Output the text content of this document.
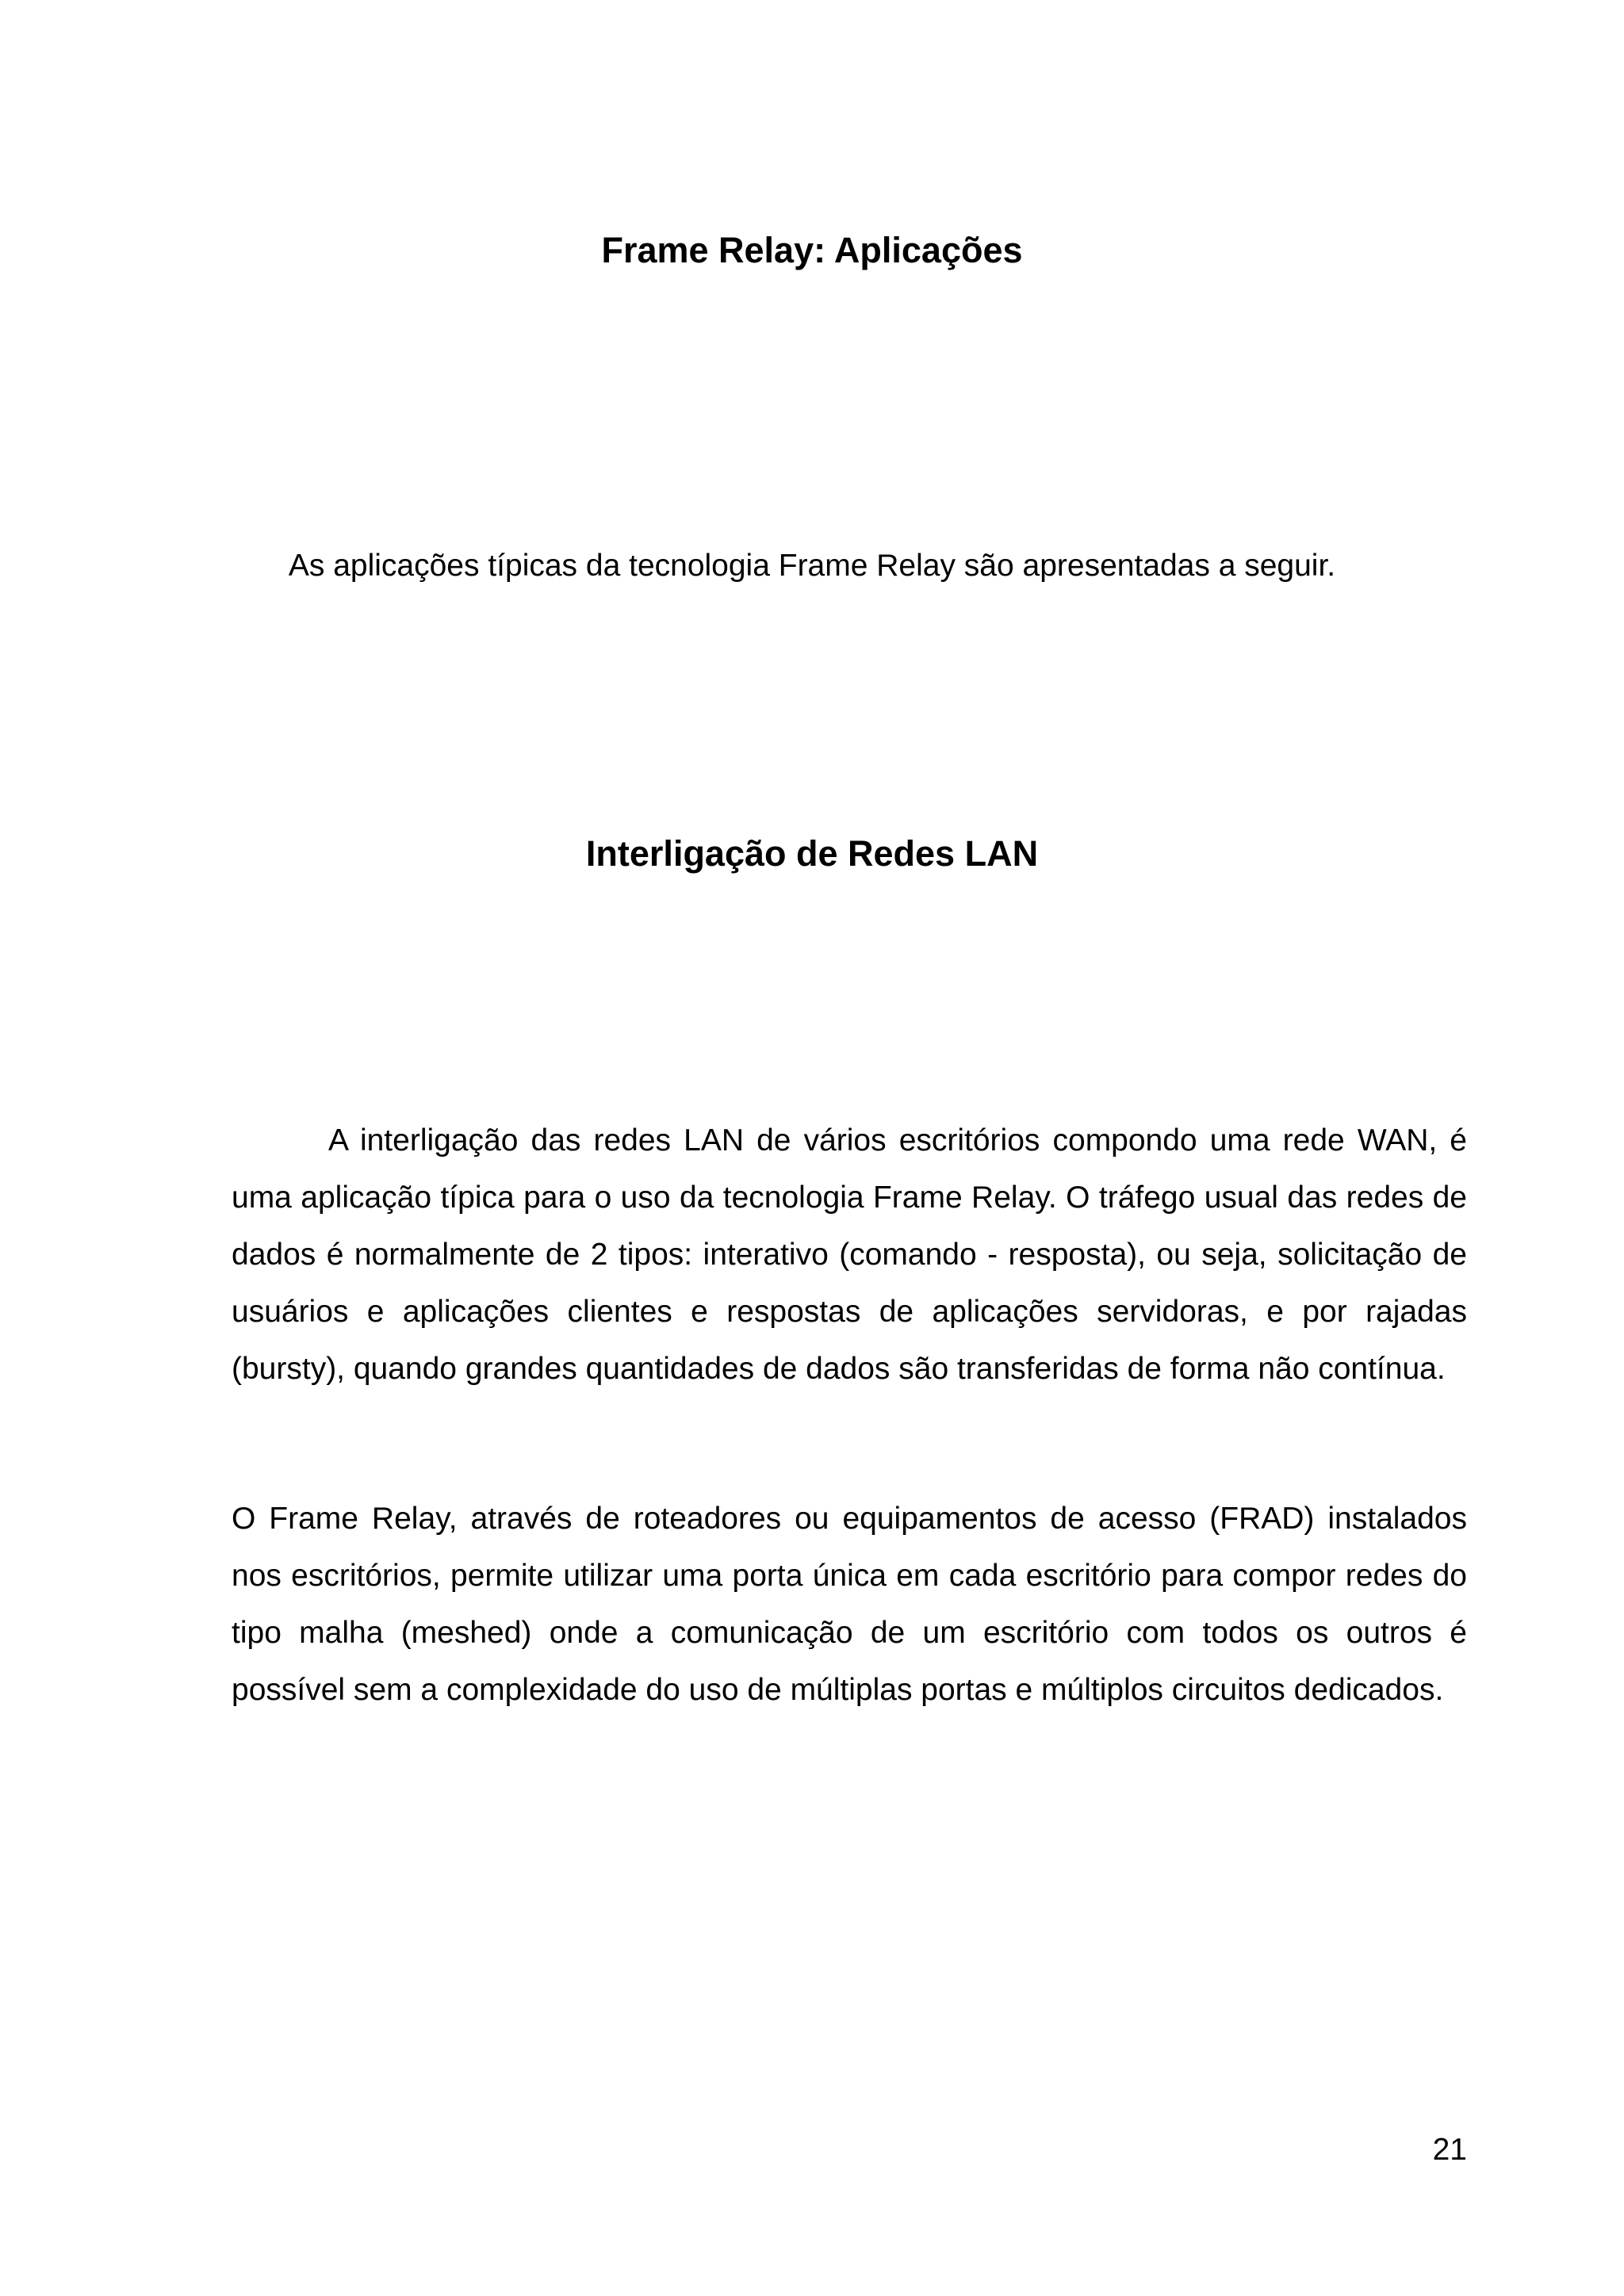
Frame Relay: Aplicações

As aplicações típicas da tecnologia Frame Relay são apresentadas a seguir.

Interligação de Redes LAN

A interligação das redes LAN de vários escritórios compondo uma rede WAN, é uma aplicação típica para o uso da tecnologia Frame Relay. O tráfego usual das redes de dados é normalmente de 2 tipos: interativo (comando - resposta), ou seja, solicitação de usuários e aplicações clientes e respostas de aplicações servidoras, e por rajadas (bursty), quando grandes quantidades de dados são transferidas de forma não contínua.

O Frame Relay, através de roteadores ou equipamentos de acesso (FRAD) instalados nos escritórios, permite utilizar uma porta única em cada escritório para compor redes do tipo malha (meshed) onde a comunicação de um escritório com todos os outros é possível sem a complexidade do uso de múltiplas portas e múltiplos circuitos dedicados.

21
